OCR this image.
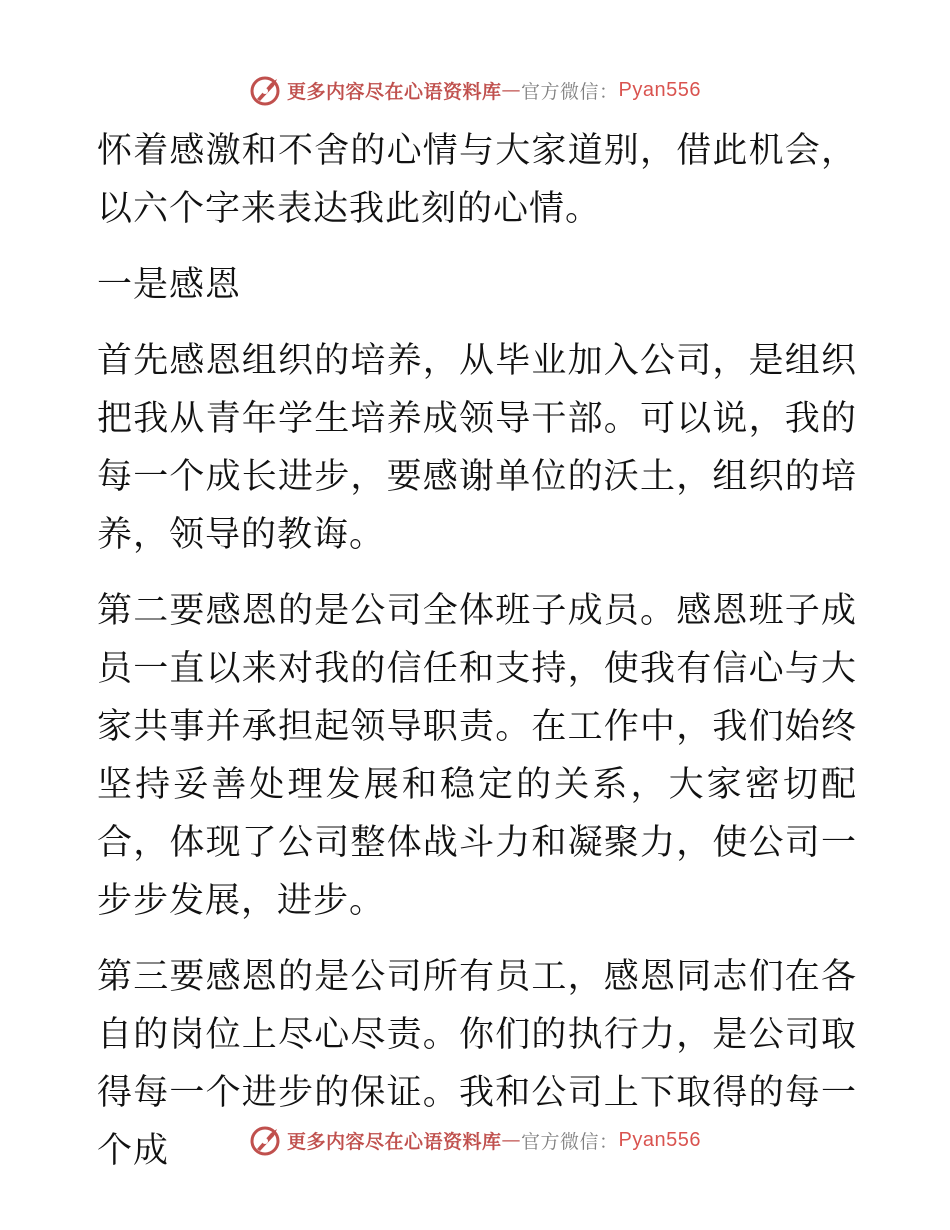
更多内容尽在心语资料库 — 官方微信： Pyan556

怀着感激和不舍的心情与大家道别，借此机会，以六个字来表达我此刻的心情。

一是感恩

首先感恩组织的培养，从毕业加入公司，是组织把我从青年学生培养成领导干部。可以说，我的每一个成长进步，要感谢单位的沃土，组织的培养，领导的教诲。

第二要感恩的是公司全体班子成员。感恩班子成员一直以来对我的信任和支持，使我有信心与大家共事并承担起领导职责。在工作中，我们始终坚持妥善处理发展和稳定的关系，大家密切配合，体现了公司整体战斗力和凝聚力，使公司一步步发展，进步。

第三要感恩的是公司所有员工，感恩同志们在各自的岗位上尽心尽责。你们的执行力，是公司取得每一个进步的保证。我和公司上下取得的每一个成	更多内容尽在心语资料库 — 官方微信： Pyan556
